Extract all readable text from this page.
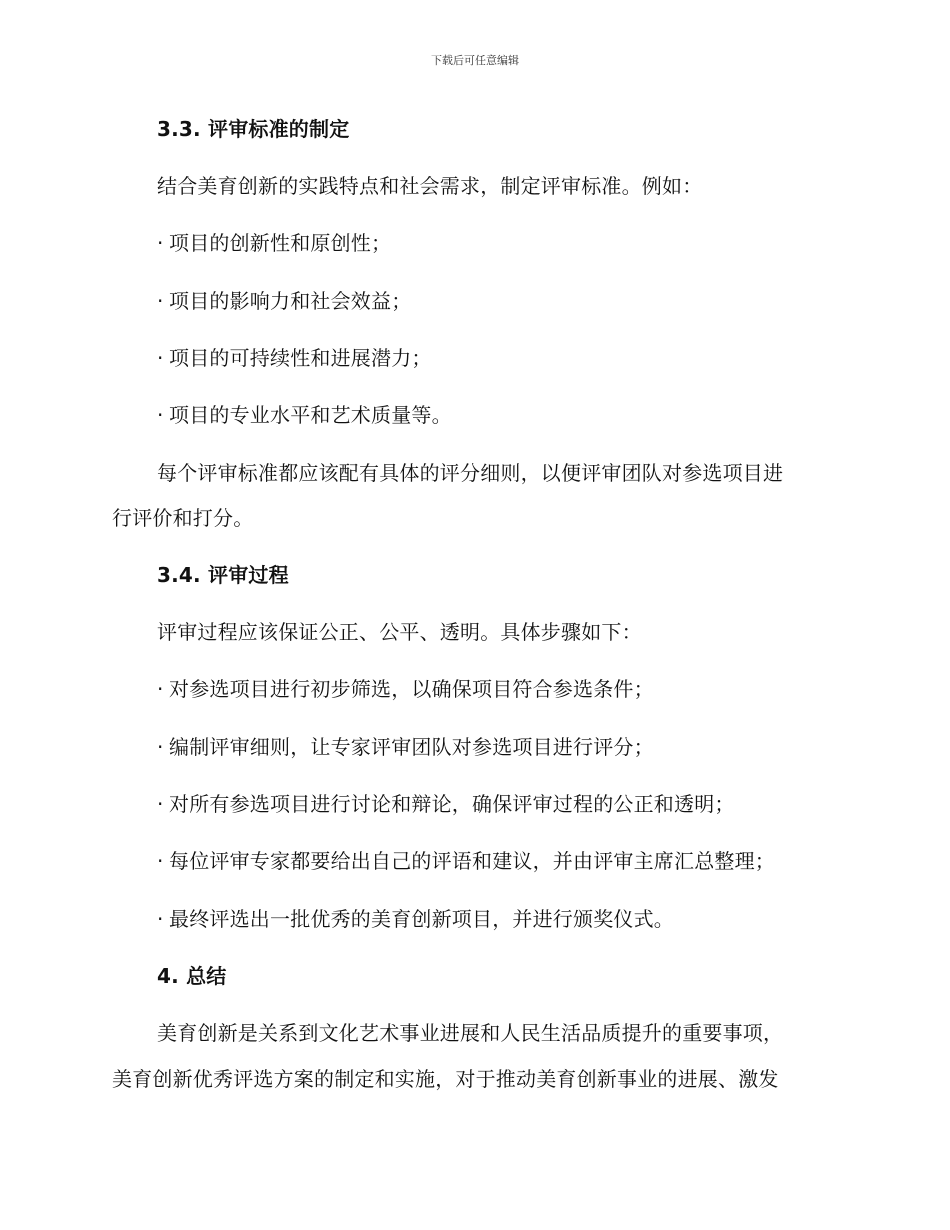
下载后可任意编辑
3.3. 评审标准的制定
结合美育创新的实践特点和社会需求，制定评审标准。例如：
· 项目的创新性和原创性；
· 项目的影响力和社会效益；
· 项目的可持续性和进展潜力；
· 项目的专业水平和艺术质量等。
每个评审标准都应该配有具体的评分细则，以便评审团队对参选项目进
行评价和打分。
3.4. 评审过程
评审过程应该保证公正、公平、透明。具体步骤如下：
· 对参选项目进行初步筛选，以确保项目符合参选条件；
· 编制评审细则，让专家评审团队对参选项目进行评分；
· 对所有参选项目进行讨论和辩论，确保评审过程的公正和透明；
· 每位评审专家都要给出自己的评语和建议，并由评审主席汇总整理；
· 最终评选出一批优秀的美育创新项目，并进行颁奖仪式。
4. 总结
美育创新是关系到文化艺术事业进展和人民生活品质提升的重要事项，
美育创新优秀评选方案的制定和实施，对于推动美育创新事业的进展、激发
